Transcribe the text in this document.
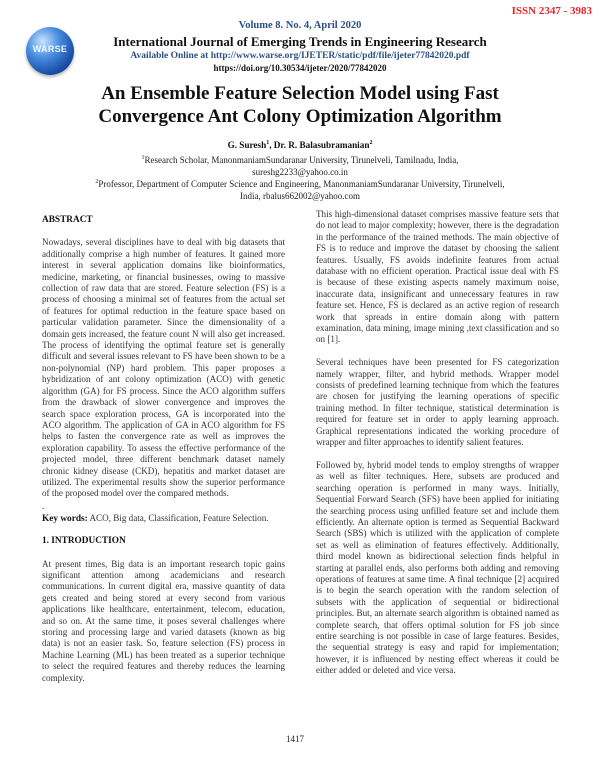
ISSN 2347 - 3983
WARSE
Volume 8. No. 4, April 2020
International Journal of Emerging Trends in Engineering Research
Available Online at http://www.warse.org/IJETER/static/pdf/file/ijeter77842020.pdf
https://doi.org/10.30534/ijeter/2020/77842020
An Ensemble Feature Selection Model using Fast
Convergence Ant Colony Optimization Algorithm
G. Suresh$^1$, Dr. R. Balasubramanian$^2$
$^1$Research Scholar, ManonmaniamSundaranar University, Tirunelveli, Tamilnadu, India,
sureshg2233@yahoo.co.in
$^2$Professor, Department of Computer Science and Engineering, ManonmaniamSundaranar University, Tirunelveli,
India, rbalus662002@yahoo.com
ABSTRACT

Nowadays, several disciplines have to deal with big datasets that additionally comprise a high number of features. It gained more interest in several application domains like bioinformatics, medicine, marketing, or financial businesses, owing to massive collection of raw data that are stored. Feature selection (FS) is a process of choosing a minimal set of features from the actual set of features for optimal reduction in the feature space based on particular validation parameter. Since the dimensionality of a domain gets increased, the feature count N will also get increased. The process of identifying the optimal feature set is generally difficult and several issues relevant to FS have been shown to be a non-polynomial (NP) hard problem. This paper proposes a hybridization of ant colony optimization (ACO) with genetic algorithm (GA) for FS process. Since the ACO algorithm suffers from the drawback of slower convergence and improves the search space exploration process, GA is incorporated into the ACO algorithm. The application of GA in ACO algorithm for FS helps to fasten the convergence rate as well as improves the exploration capability. To assess the effective performance of the projected model, three different benchmark dataset namely chronic kidney disease (CKD), hepatitis and market dataset are utilized. The experimental results show the superior performance of the proposed model over the compared methods.

.

Key words: ACO, Big data, Classification, Feature Selection.

1. INTRODUCTION

At present times, Big data is an important research topic gains significant attention among academicians and research communications. In current digital era, massive quantity of data gets created and being stored at every second from various applications like healthcare, entertainment, telecom, education, and so on. At the same time, it poses several challenges where storing and processing large and varied datasets (known as big data) is not an easier task. So, feature selection (FS) process in Machine Learning (ML) has been treated as a superior technique to select the required features and thereby reduces the learning complexity.

This high-dimensional dataset comprises massive feature sets that do not lead to major complexity; however, there is the degradation in the performance of the trained methods. The main objective of FS is to reduce and improve the dataset by choosing the salient features. Usually, FS avoids indefinite features from actual database with no efficient operation. Practical issue deal with FS is because of these existing aspects namely maximum noise, inaccurate data, insignificant and unnecessary features in raw feature set. Hence, FS is declared as an active region of research work that spreads in entire domain along with pattern examination, data mining, image mining ,text classification and so on [1].

Several techniques have been presented for FS categorization namely wrapper, filter, and hybrid methods. Wrapper model consists of predefined learning technique from which the features are chosen for justifying the learning operations of specific training method. In filter technique, statistical determination is required for feature set in order to apply learning approach. Graphical representations indicated the working procedure of wrapper and filter approaches to identify salient features.

Followed by, hybrid model tends to employ strengths of wrapper as well as filter techniques. Here, subsets are produced and searching operation is performed in many ways. Initially, Sequential Forward Search (SFS) have been applied for initiating the searching process using unfilled feature set and include them efficiently. An alternate option is termed as Sequential Backward Search (SBS) which is utilized with the application of complete set as well as elimination of features effectively. Additionally, third model known as bidirectional selection finds helpful in starting at parallel ends, also performs both adding and removing operations of features at same time. A final technique [2] acquired is to begin the search operation with the random selection of subsets with the application of sequential or bidirectional principles. But, an alternate search algorithm is obtained named as complete search, that offers optimal solution for FS job since entire searching is not possible in case of large features. Besides, the sequential strategy is easy and rapid for implementation; however, it is influenced by nesting effect whereas it could be either added or deleted and vice versa.

1417
